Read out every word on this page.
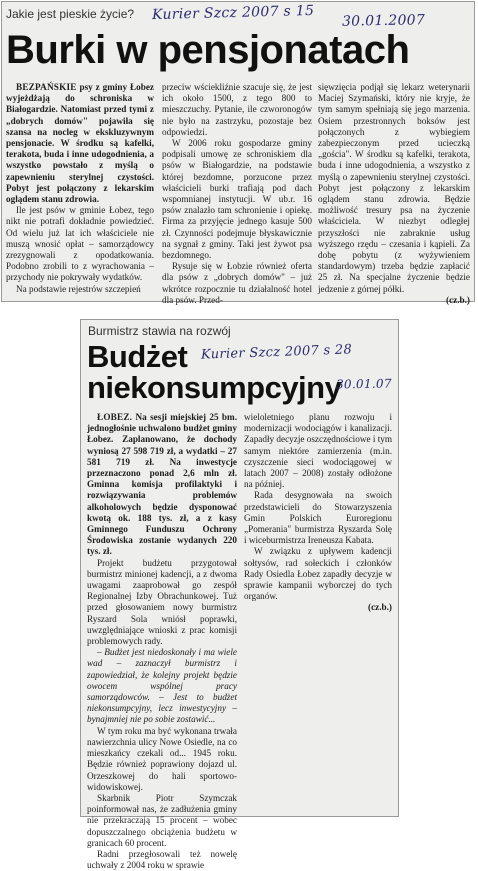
Jakie jest pieskie życie? Kurier Szcz 2007 s 15 30.01.2007
Burki w pensjonatach

BEZPAŃSKIE psy z gminy Łobez wyjeżdżają do schroniska w Białogardzie. Natomiast przed tymi z „dobrych domów" pojawiła się szansa na nocleg w ekskluzywnym pensjonacie. W środku są kafelki, terakota, buda i inne udogodnienia, a wszystko powstało z myślą o zapewnieniu sterylnej czystości. Pobyt jest połączony z lekarskim oglądem stanu zdrowia.

Ile jest psów w gminie Łobez, tego nikt nie potrafi dokładnie powiedzieć. Od wielu już lat ich właściciele nie muszą wnosić opłat – samorządowcy zrezygnowali z opodatkowania. Podobno zrobili to z wyrachowania – przychody nie pokrywały wydatków.

Na podstawie rejestrów szczepień

przeciw wściekliźnie szacuje się, że jest ich około 1500, z tego 800 to mieszczuchy. Pytanie, ile czworonogów nie było na zastrzyku, pozostaje bez odpowiedzi.

W 2006 roku gospodarze gminy podpisali umowę ze schroniskiem dla psów w Białogardzie, na podstawie której bezdomne, porzucone przez właścicieli burki trafiają pod dach wspomnianej instytucji. W ub.r. 16 psów znalazło tam schronienie i opiekę. Firma za przyjęcie jednego kasuje 500 zł. Czynności podejmuje błyskawicznie na sygnał z gminy. Taki jest żywot psa bezdomnego.

Rysuje się w Łobzie również oferta dla psów z „dobrych domów" – już wkrótce rozpocznie tu działalność hotel dla psów. Przed-

sięwzięcia podjął się lekarz weterynarii Maciej Szymański, który nie kryje, że tym samym spełniają się jego marzenia. Osiem przestronnych boksów jest połączonych z wybiegiem zabezpieczonym przed ucieczką „gościa". W środku są kafelki, terakota, buda i inne udogodnienia, a wszystko z myślą o zapewnieniu sterylnej czystości. Pobyt jest połączony z lekarskim oglądem stanu zdrowia. Będzie możliwość tresury psa na życzenie właściciela. W niezbyt odległej przyszłości nie zabraknie usług wyższego rzędu – czesania i kąpieli. Za dobę pobytu (z wyżywieniem standardowym) trzeba będzie zapłacić 25 zł. Na specjalne życzenie będzie jedzenie z górnej półki.

(cz.b.)

Burmistrz stawia na rozwój
Budżet
niekonsumpcyjny
Kurier Szcz 2007 s 28
30.01.07

ŁOBEZ. Na sesji miejskiej 25 bm. jednogłośnie uchwalono budżet gminy Łobez. Zaplanowano, że dochody wyniosą 27 598 719 zł, a wydatki – 27 581 719 zł. Na inwestycje przeznaczono ponad 2,6 mln zł. Gminna komisja profilaktyki i rozwiązywania problemów alkoholowych będzie dysponować kwotą ok. 188 tys. zł, a z kasy Gminnego Funduszu Ochrony Środowiska zostanie wydanych 220 tys. zł.

Projekt budżetu przygotował burmistrz minionej kadencji, a z dwoma uwagami zaaprobował go zespół Regionalnej Izby Obrachunkowej. Tuż przed głosowaniem nowy burmistrz Ryszard Sola wniósł poprawki, uwzględniające wnioski z prac komisji problemowych rady.

– Budżet jest niedoskonały i ma wiele wad – zaznaczył burmistrz i zapowiedział, że kolejny projekt będzie owocem wspólnej pracy samorządowców. – Jest to budżet niekonsumpcyjny, lecz inwestycyjny – bynajmniej nie po sobie zostawić...

W tym roku ma być wykonana trwała nawierzchnia ulicy Nowe Osiedle, na co mieszkańcy czekali od... 1945 roku. Będzie również poprawiony dojazd ul. Orzeszkowej do hali sportowo-widowiskowej.

Skarbnik Piotr Szymczak poinformował nas, że zadłużenia gminy nie przekraczają 15 procent – wobec dopuszczalnego obciążenia budżetu w granicach 60 procent.

Radni przegłosowali też nowelę uchwały z 2004 roku w sprawie

wieloletniego planu rozwoju i modernizacji wodociągów i kanalizacji. Zapadły decyzje oszczędnościowe i tym samym niektóre zamierzenia (m.in. czyszczenie sieci wodociągowej w latach 2007 – 2008) zostały odłożone na później.

Rada desygnowała na swoich przedstawicieli do Stowarzyszenia Gmin Polskich Euroregionu „Pomerania" burmistrza Ryszarda Solę i wiceburmistrza Ireneusza Kabata.

W związku z upływem kadencji sołtysów, rad sołeckich i członków Rady Osiedla Łobez zapadły decyzje w sprawie kampanii wyborczej do tych organów.

(cz.b.)
